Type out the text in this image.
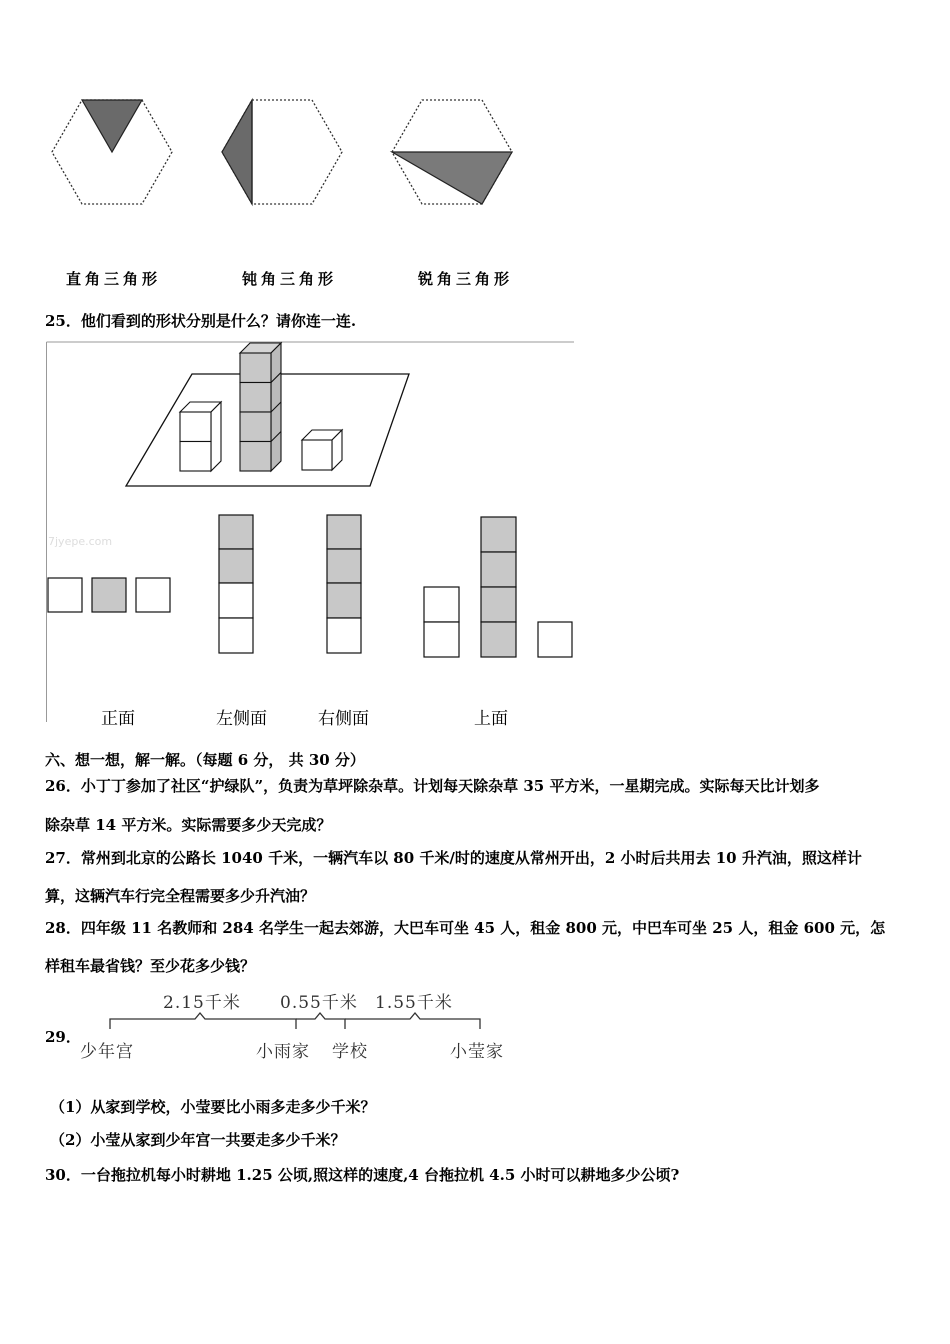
直角三角形	钝角三角形	锐角三角形
25．他们看到的形状分别是什么？请你连一连.
7jyepe.com
正面	左侧面	右侧面	上面
六、想一想，解一解。（每题 6 分， 共 30 分）
26．小丁丁参加了社区“护绿队”，负责为草坪除杂草。计划每天除杂草 35 平方米，一星期完成。实际每天比计划多
除杂草 14 平方米。实际需要多少天完成？
27．常州到北京的公路长 1040 千米，一辆汽车以 80 千米/时的速度从常州开出，2 小时后共用去 10 升汽油，照这样计
算，这辆汽车行完全程需要多少升汽油？
28．四年级 11 名教师和 284 名学生一起去郊游，大巴车可坐 45 人，租金 800 元，中巴车可坐 25 人，租金 600 元，怎
样租车最省钱？至少花多少钱？
29．
2.15千米 0.55千米 1.55千米
少年宫	小雨家 学校	小莹家
（1）从家到学校，小莹要比小雨多走多少千米？
（2）小莹从家到少年宫一共要走多少千米？
30．一台拖拉机每小时耕地 1.25 公顷,照这样的速度,4 台拖拉机 4.5 小时可以耕地多少公顷?
